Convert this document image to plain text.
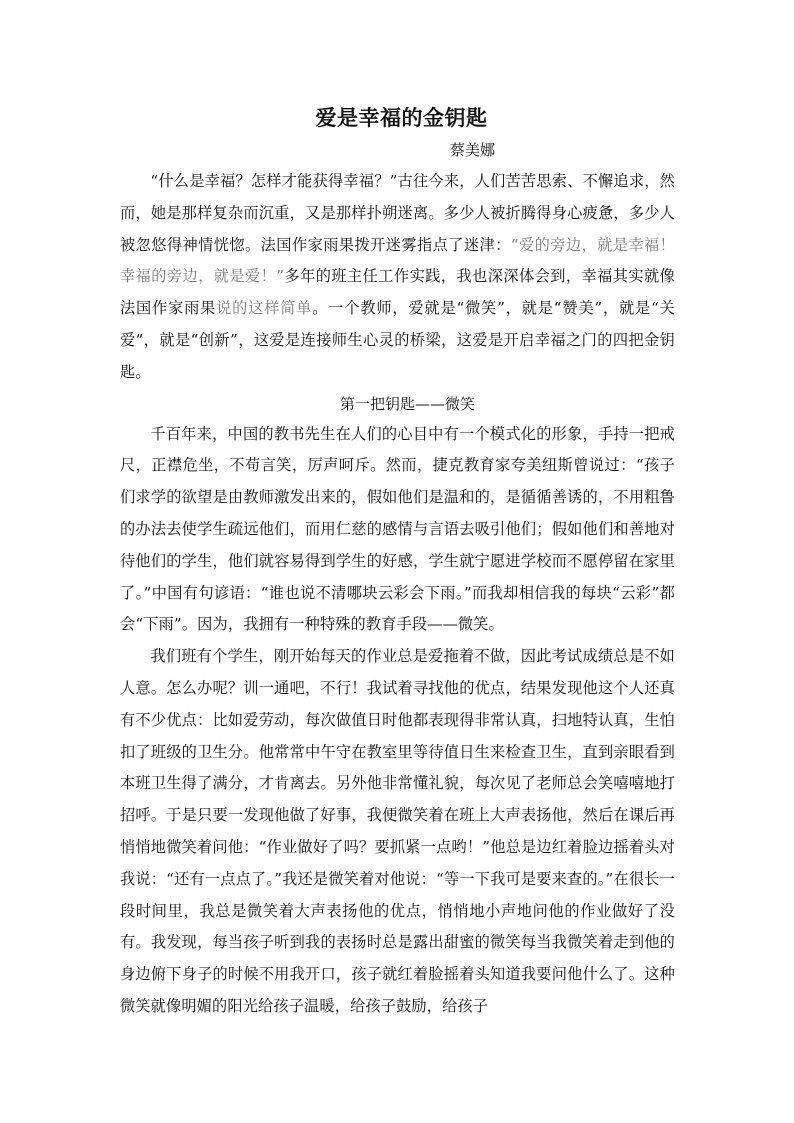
爱是幸福的金钥匙

蔡美娜

“什么是幸福？怎样才能获得幸福？”古往今来，人们苦苦思索、不懈追求，然而，她是那样复杂而沉重，又是那样扑朔迷离。多少人被折腾得身心疲惫，多少人被忽悠得神情恍惚。法国作家雨果拨开迷雾指点了迷津：“爱的旁边，就是幸福！幸福的旁边，就是爱！”多年的班主任工作实践，我也深深体会到，幸福其实就像法国作家雨果说的这样简单。一个教师，爱就是“微笑”，就是“赞美”，就是“关爱”，就是“创新”，这爱是连接师生心灵的桥梁，这爱是开启幸福之门的四把金钥匙。

第一把钥匙——微笑

千百年来，中国的教书先生在人们的心目中有一个模式化的形象，手持一把戒尺，正襟危坐，不苟言笑，厉声呵斥。然而，捷克教育家夸美纽斯曾说过：“孩子们求学的欲望是由教师激发出来的，假如他们是温和的，是循循善诱的，不用粗鲁的办法去使学生疏远他们，而用仁慈的感情与言语去吸引他们；假如他们和善地对待他们的学生，他们就容易得到学生的好感，学生就宁愿进学校而不愿停留在家里了。”中国有句谚语：“谁也说不清哪块云彩会下雨。”而我却相信我的每块“云彩”都会“下雨”。因为，我拥有一种特殊的教育手段——微笑。

我们班有个学生，刚开始每天的作业总是爱拖着不做，因此考试成绩总是不如人意。怎么办呢？训一通吧，不行！我试着寻找他的优点，结果发现他这个人还真有不少优点：比如爱劳动，每次做值日时他都表现得非常认真，扫地特认真，生怕扣了班级的卫生分。他常常中午守在教室里等待值日生来检查卫生，直到亲眼看到本班卫生得了满分，才肯离去。另外他非常懂礼貌，每次见了老师总会笑嘻嘻地打招呼。于是只要一发现他做了好事，我便微笑着在班上大声表扬他，然后在课后再悄悄地微笑着问他：“作业做好了吗？要抓紧一点哟！”他总是边红着脸边摇着头对我说：“还有一点点了。”我还是微笑着对他说：“等一下我可是要来查的。”在很长一段时间里，我总是微笑着大声表扬他的优点，悄悄地小声地问他的作业做好了没有。我发现，每当孩子听到我的表扬时总是露出甜蜜的微笑每当我微笑着走到他的身边俯下身子的时候不用我开口，孩子就红着脸摇着头知道我要问他什么了。这种微笑就像明媚的阳光给孩子温暖，给孩子鼓励，给孩子
